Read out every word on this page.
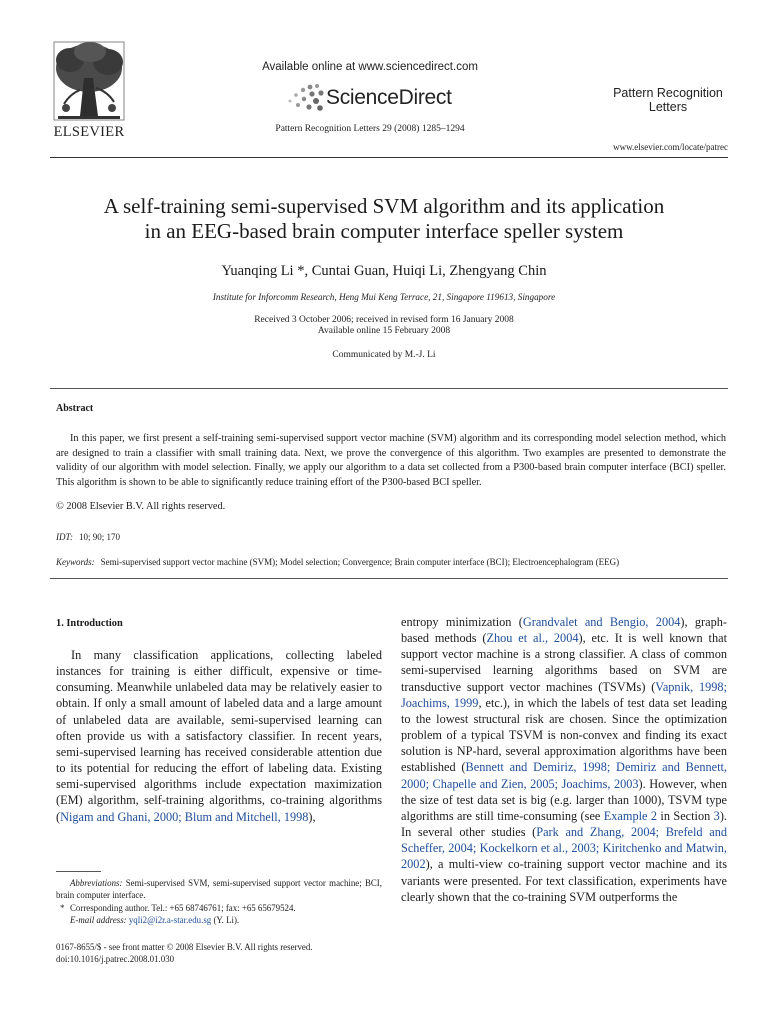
ELSEVIER
Available online at www.sciencedirect.com
ScienceDirect
Pattern Recognition Letters 29 (2008) 1285–1294
Pattern Recognition
Letters
www.elsevier.com/locate/patrec
A self-training semi-supervised SVM algorithm and its application
in an EEG-based brain computer interface speller system
Yuanqing Li *, Cuntai Guan, Huiqi Li, Zhengyang Chin
Institute for Inforcomm Research, Heng Mui Keng Terrace, 21, Singapore 119613, Singapore
Received 3 October 2006; received in revised form 16 January 2008
Available online 15 February 2008
Communicated by M.-J. Li
Abstract

In this paper, we first present a self-training semi-supervised support vector machine (SVM) algorithm and its corresponding model selection method, which are designed to train a classifier with small training data. Next, we prove the convergence of this algorithm. Two examples are presented to demonstrate the validity of our algorithm with model selection. Finally, we apply our algorithm to a data set collected from a P300-based brain computer interface (BCI) speller. This algorithm is shown to be able to significantly reduce training effort of the P300-based BCI speller.

© 2008 Elsevier B.V. All rights reserved.
IDT: 10; 90; 170
Keywords: Semi-supervised support vector machine (SVM); Model selection; Convergence; Brain computer interface (BCI); Electroencephalogram (EEG)
1. Introduction

In many classification applications, collecting labeled instances for training is either difficult, expensive or time-consuming. Meanwhile unlabeled data may be relatively easier to obtain. If only a small amount of labeled data and a large amount of unlabeled data are available, semi-supervised learning can often provide us with a satisfactory classifier. In recent years, semi-supervised learning has received considerable attention due to its potential for reducing the effort of labeling data. Existing semi-supervised algorithms include expectation maximization (EM) algorithm, self-training algorithms, co-training algorithms (Nigam and Ghani, 2000; Blum and Mitchell, 1998),

entropy minimization (Grandvalet and Bengio, 2004), graph-based methods (Zhou et al., 2004), etc. It is well known that support vector machine is a strong classifier. A class of common semi-supervised learning algorithms based on SVM are transductive support vector machines (TSVMs) (Vapnik, 1998; Joachims, 1999, etc.), in which the labels of test data set leading to the lowest structural risk are chosen. Since the optimization problem of a typical TSVM is non-convex and finding its exact solution is NP-hard, several approximation algorithms have been established (Bennett and Demiriz, 1998; Demiriz and Bennett, 2000; Chapelle and Zien, 2005; Joachims, 2003). However, when the size of test data set is big (e.g. larger than 1000), TSVM type algorithms are still time-consuming (see Example 2 in Section 3). In several other studies (Park and Zhang, 2004; Brefeld and Scheffer, 2004; Kockelkorn et al., 2003; Kiritchenko and Matwin, 2002), a multi-view co-training support vector machine and its variants were presented. For text classification, experiments have clearly shown that the co-training SVM outperforms the

Abbreviations: Semi-supervised SVM, semi-supervised support vector machine; BCI, brain computer interface.
* Corresponding author. Tel.: +65 68746761; fax: +65 65679524.
E-mail address: yqli2@i2r.a-star.edu.sg (Y. Li).
0167-8655/$ - see front matter © 2008 Elsevier B.V. All rights reserved.
doi:10.1016/j.patrec.2008.01.030
